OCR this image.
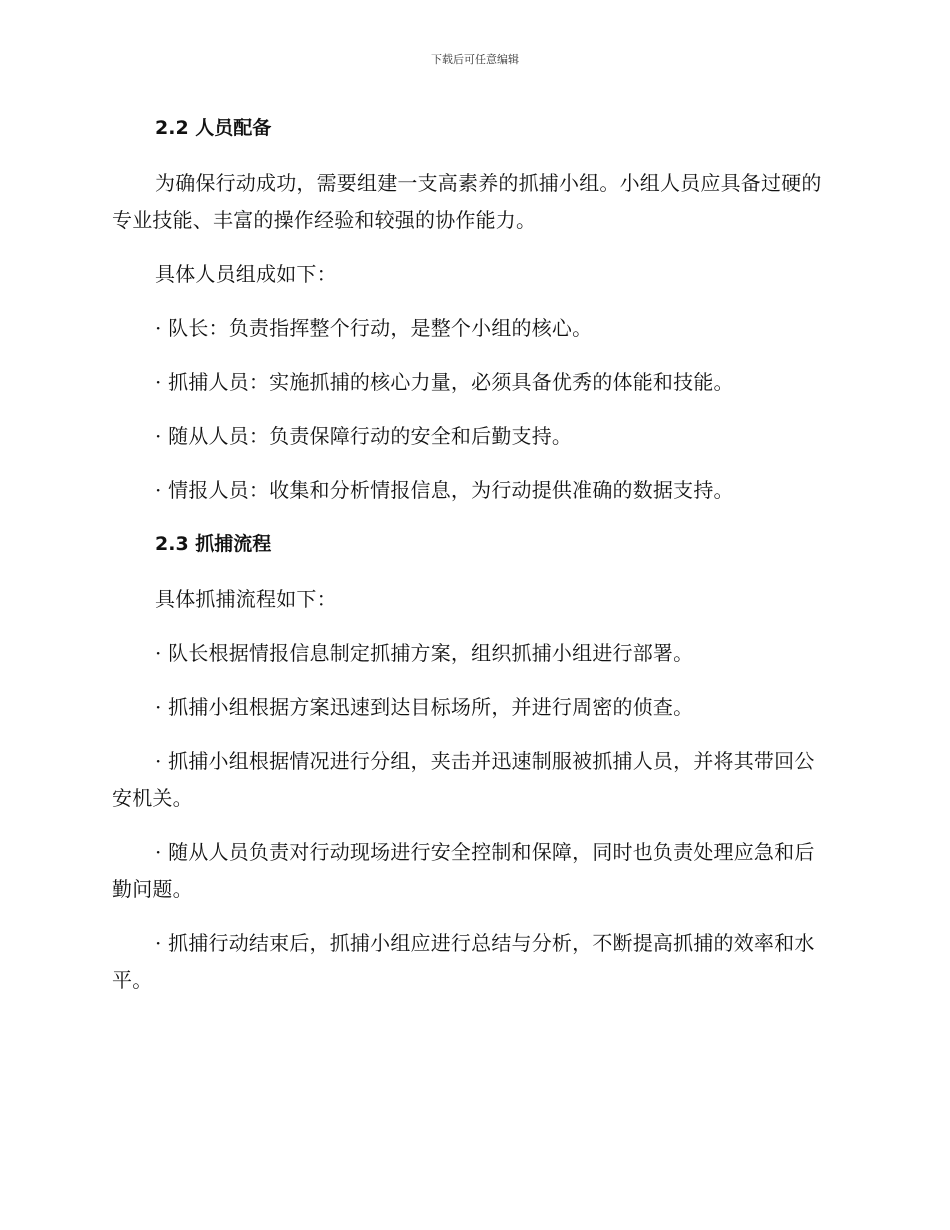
下载后可任意编辑
2.2 人员配备

为确保行动成功，需要组建一支高素养的抓捕小组。小组人员应具备过硬的专业技能、丰富的操作经验和较强的协作能力。

具体人员组成如下：

· 队长：负责指挥整个行动，是整个小组的核心。

· 抓捕人员：实施抓捕的核心力量，必须具备优秀的体能和技能。

· 随从人员：负责保障行动的安全和后勤支持。

· 情报人员：收集和分析情报信息，为行动提供准确的数据支持。

2.3 抓捕流程

具体抓捕流程如下：

· 队长根据情报信息制定抓捕方案，组织抓捕小组进行部署。

· 抓捕小组根据方案迅速到达目标场所，并进行周密的侦查。

· 抓捕小组根据情况进行分组，夹击并迅速制服被抓捕人员，并将其带回公安机关。

· 随从人员负责对行动现场进行安全控制和保障，同时也负责处理应急和后勤问题。

· 抓捕行动结束后，抓捕小组应进行总结与分析，不断提高抓捕的效率和水平。
